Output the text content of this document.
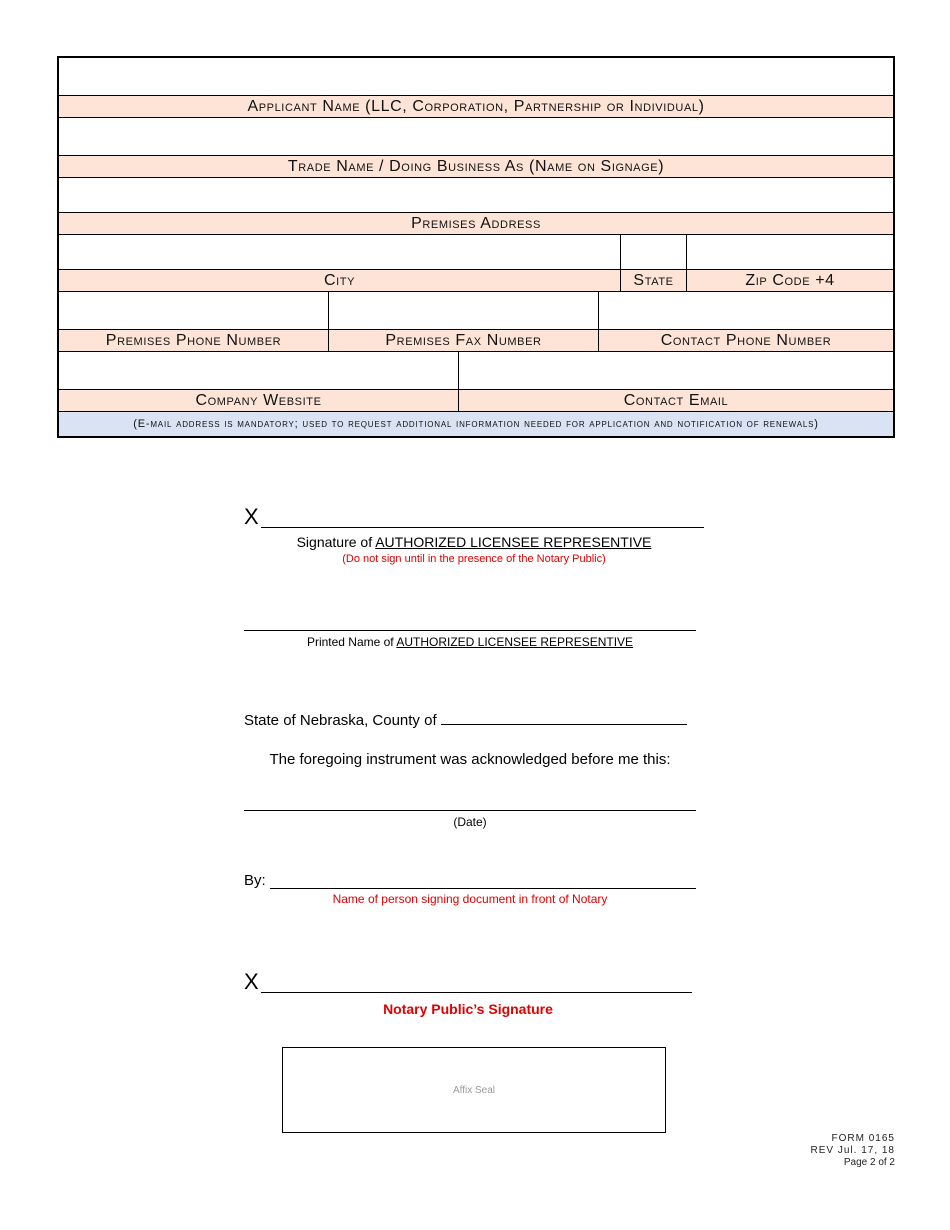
Applicant Name (LLC, Corporation, Partnership or Individual)
Trade Name / Doing Business As (Name on Signage)
Premises Address
City	State	Zip Code +4
Premises Phone Number	Premises Fax Number	Contact Phone Number
Company Website	Contact Email
(E-mail address is mandatory; used to request additional information needed for application and notification of renewals)
X
Signature of AUTHORIZED LICENSEE REPRESENTIVE
(Do not sign until in the presence of the Notary Public)
Printed Name of AUTHORIZED LICENSEE REPRESENTIVE
State of Nebraska, County of
The foregoing instrument was acknowledged before me this:
(Date)
By:
Name of person signing document in front of Notary
X
Notary Public’s Signature
Affix Seal
FORM 0165
REV Jul. 17, 18
Page 2 of 2
